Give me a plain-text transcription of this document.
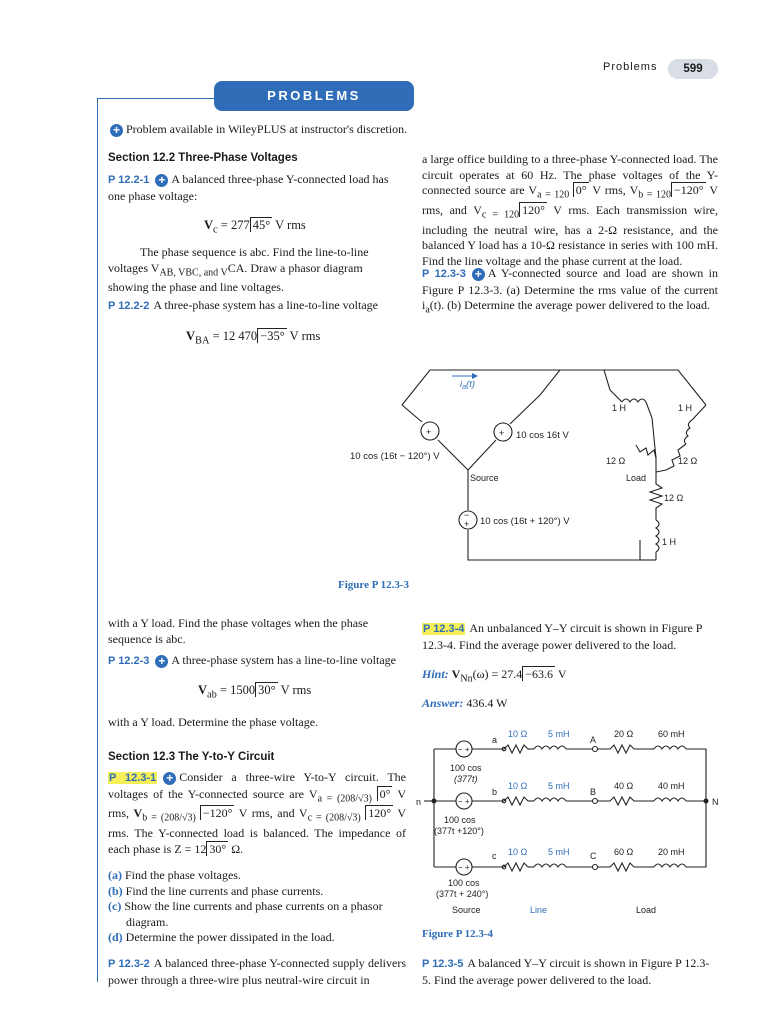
Problems	599
PROBLEMS
+ Problem available in WileyPLUS at instructor's discretion.
Section 12.2 Three-Phase Voltages
P 12.2-1 + A balanced three-phase Y-connected load has one phase voltage:
$V_c = 277$ 45° V rms
The phase sequence is abc. Find the line-to-line voltages $V_{AB, VBC, and V}CA$. Draw a phasor diagram showing the phase and line voltages.
P 12.2-2 A three-phase system has a line-to-line voltage
$V_{BA} = 12$ 470 −35° V rms
a large office building to a three-phase Y-connected load. The circuit operates at 60 Hz. The phase voltages of the Y-connected source are $V_{a = 120}$ 0° V rms, $V_{b = 120} -120^\circ$ V rms, and $V_{c = 120}$ 120° V rms. Each transmission wire, including the neutral wire, has a 2-Ω resistance, and the balanced Y load has a 10-Ω resistance in series with 100 mH. Find the line voltage and the phase current at the load.
P 12.3-3 + A Y-connected source and load are shown in Figure P 12.3-3. (a) Determine the rms value of the current $i_a(t)$. (b) Determine the average power delivered to the load.
+	+
−
+
$i_a(t)$
10 cos (16t − 120°) V
10 cos 16t V
10 cos (16t + 120°) V
Source	Load
1 H	1 H
1 H
12 Ω	12 Ω
12 Ω
Figure P 12.3-3
with a Y load. Find the phase voltages when the phase sequence is abc.
P 12.2-3 + A three-phase system has a line-to-line voltage
$V_{ab} = 1500$ 30° V rms
with a Y load. Determine the phase voltage.
Section 12.3 The Y-to-Y Circuit
P 12.3-1 + Consider a three-wire Y-to-Y circuit. The voltages of the Y-connected source are $V_{a = (208/√3)}$ 0° V rms, $V_{b = (208/√3)} -120^\circ$ V rms, and $V_{c = (208/√3)}$ 120° V rms. The Y-connected load is balanced. The impedance of each phase is Z = 12 30° Ω.
(a) Find the phase voltages.
(b) Find the line currents and phase currents.
(c) Show the line currents and phase currents on a phasor diagram.
(d) Determine the power dissipated in the load.
P 12.3-2 A balanced three-phase Y-connected supply delivers power through a three-wire plus neutral-wire circuit in
P 12.3-4 An unbalanced Y–Y circuit is shown in Figure P 12.3-4. Find the average power delivered to the load.
Hint: $V_{Nn}(\omega) = 27.4 -63.6$ V
Answer: 436.4 W
− +
− +
− +
a
b
c
A
B
C
n	N
10 Ω
10 Ω
10 Ω
5 mH
5 mH
5 mH
20 Ω
40 Ω
60 Ω
60 mH
40 mH
20 mH
100 cos
(377t)
100 cos
(377t +120°)
100 cos
(377t + 240°)
Source	Line	Load
Figure P 12.3-4
P 12.3-5 A balanced Y–Y circuit is shown in Figure P 12.3-5. Find the average power delivered to the load.
